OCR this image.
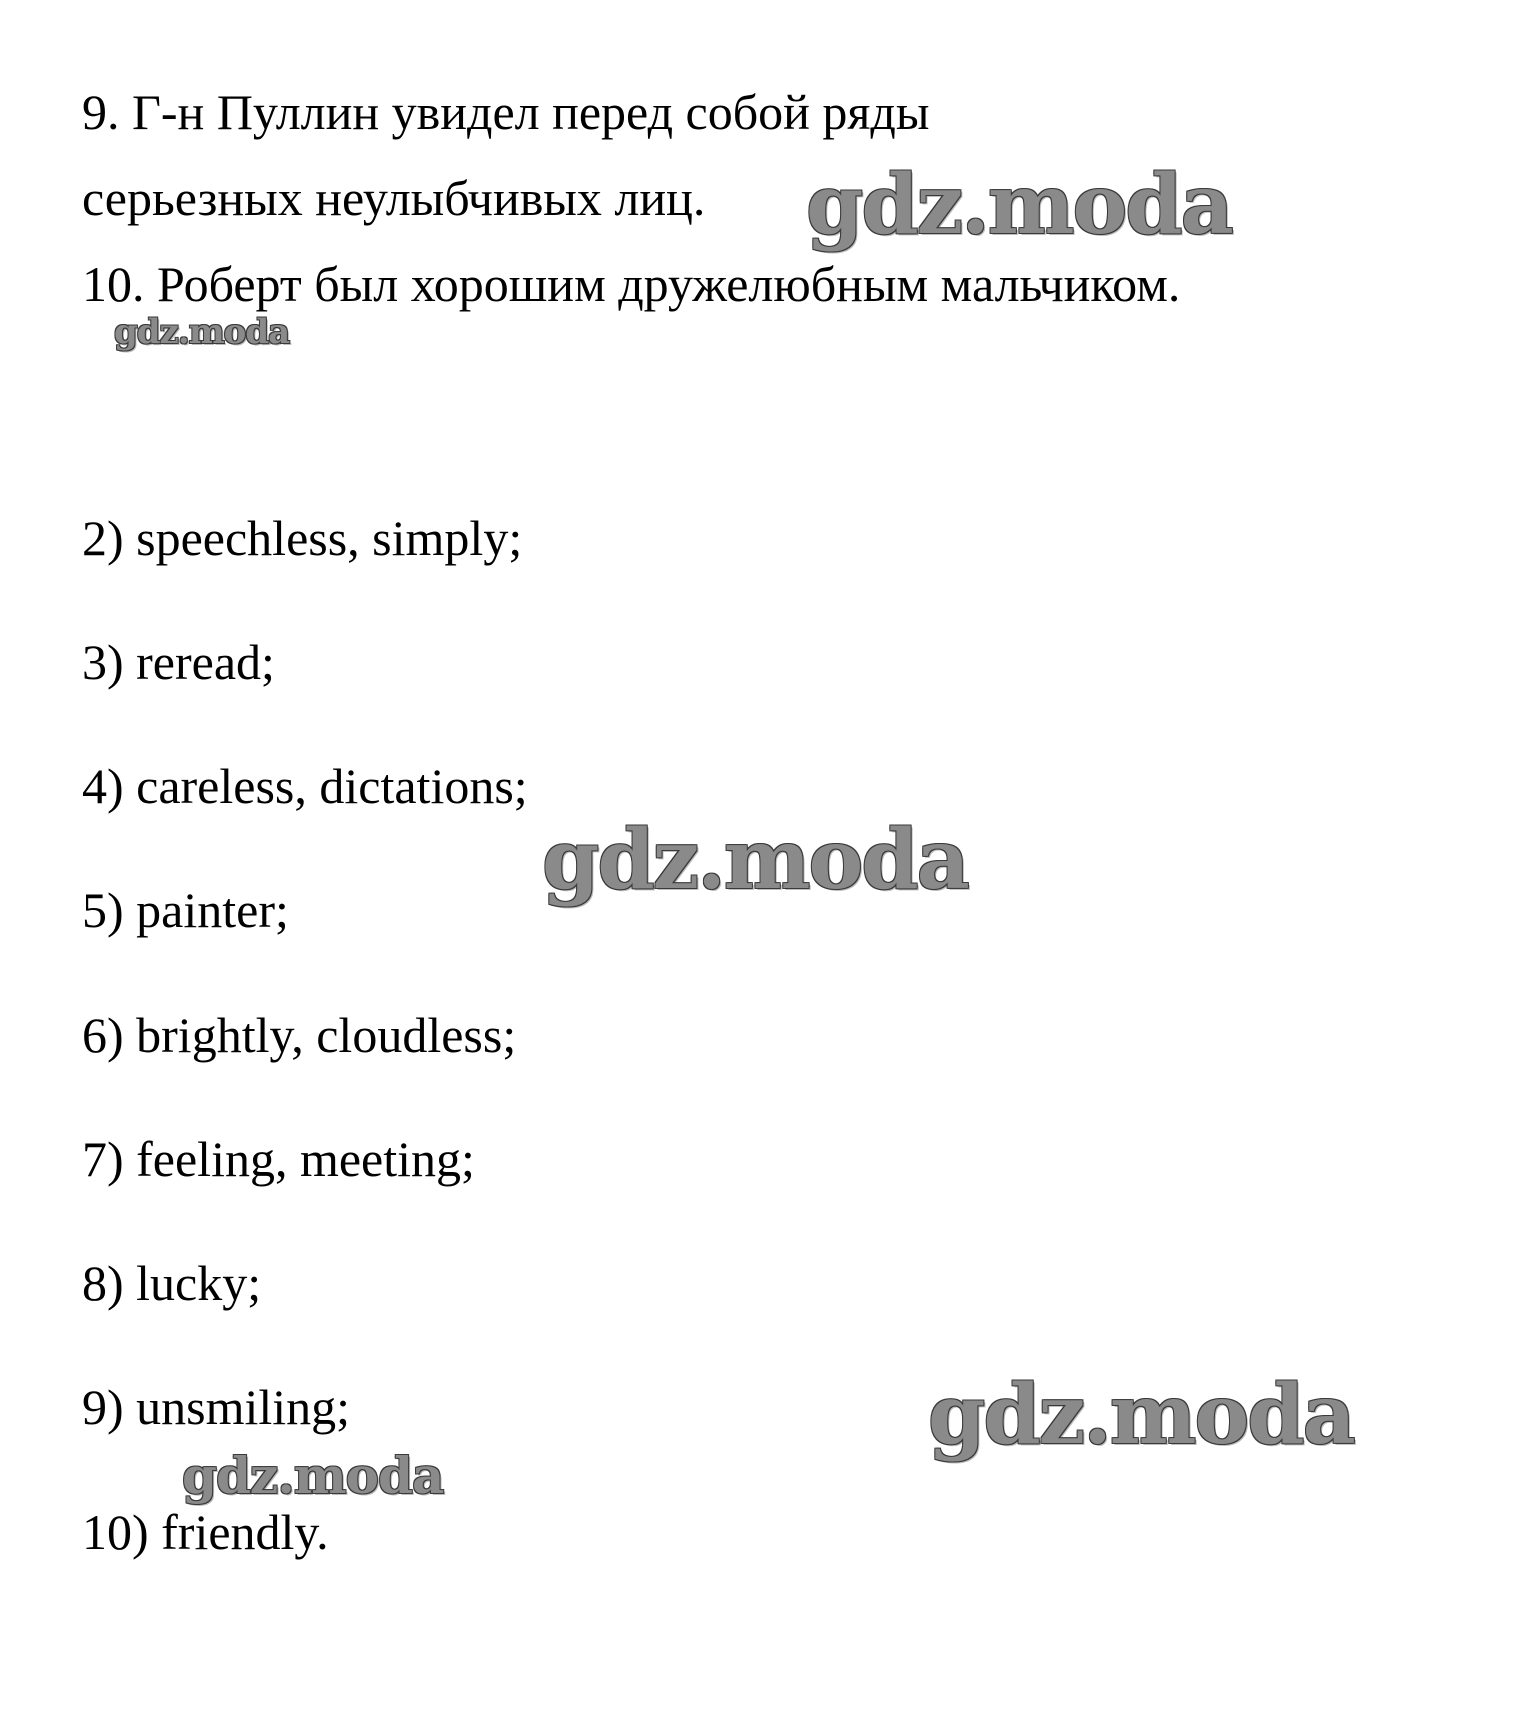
9. Г-н Пуллин увидел перед собой ряды
серьезных неулыбчивых лиц.
10. Роберт был хорошим дружелюбным мальчиком.
2) speechless, simply;
3) reread;
4) careless, dictations;
5) painter;
6) brightly, cloudless;
7) feeling, meeting;
8) lucky;
9) unsmiling;
10) friendly.
gdz.moda
gdz.moda
gdz.moda
gdz.moda
gdz.moda
